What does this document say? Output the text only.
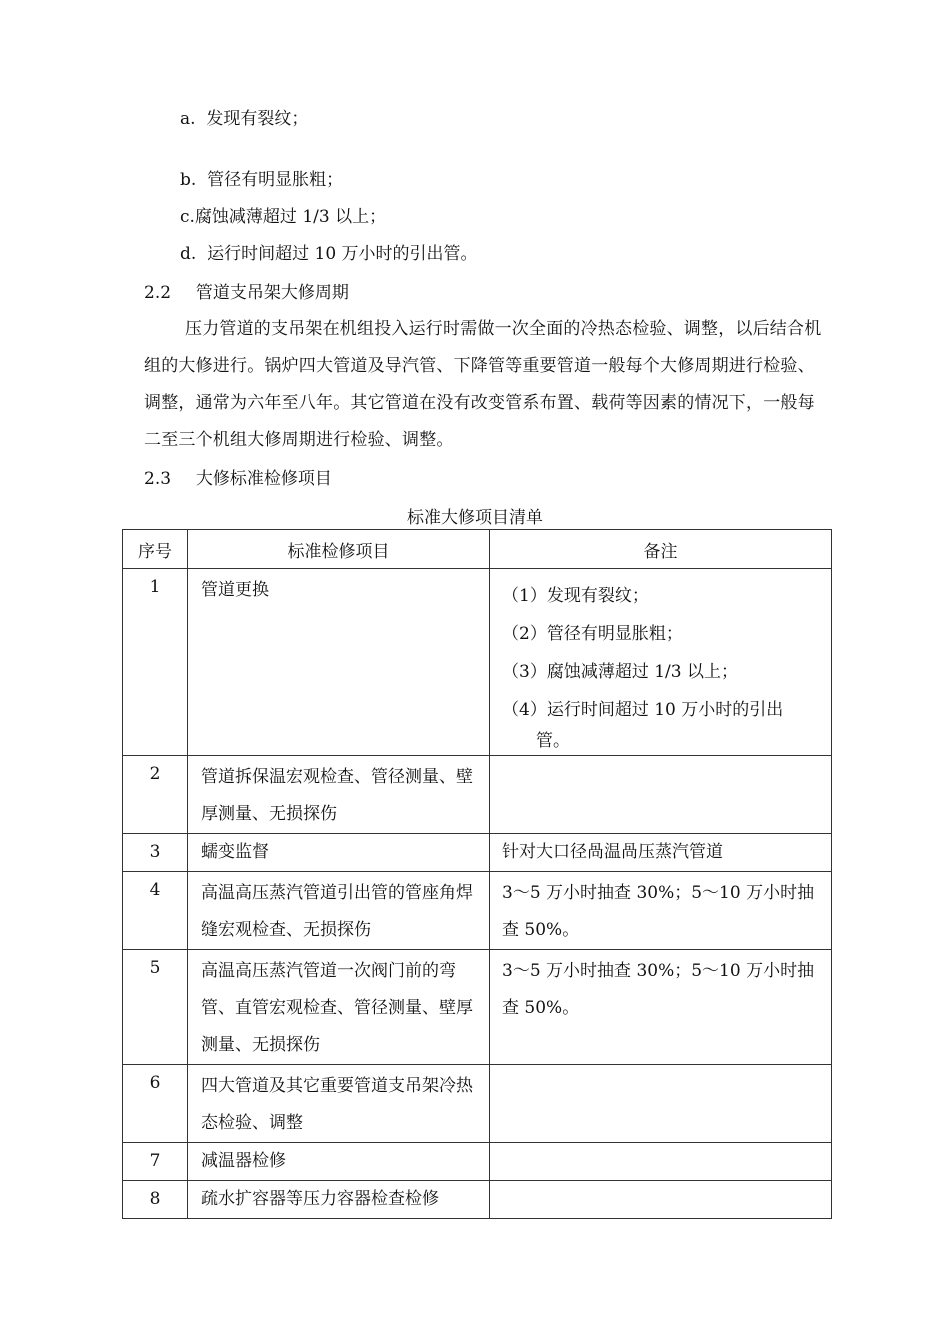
a. 发现有裂纹；
b. 管径有明显胀粗；
c.腐蚀减薄超过 1/3 以上；
d. 运行时间超过 10 万小时的引出管。
2.2 管道支吊架大修周期
压力管道的支吊架在机组投入运行时需做一次全面的冷热态检验、调整，以后结合机组的大修进行。锅炉四大管道及导汽管、下降管等重要管道一般每个大修周期进行检验、调整，通常为六年至八年。其它管道在没有改变管系布置、载荷等因素的情况下，一般每二至三个机组大修周期进行检验、调整。
2.3 大修标准检修项目
标准大修项目清单
序号	标准检修项目	备注
1	管道更换	（1）发现有裂纹；
（2）管径有明显胀粗；
（3）腐蚀减薄超过 1/3 以上；
（4）运行时间超过 10 万小时的引出
管。

2	管道拆保温宏观检查、管径测量、壁厚测量、无损探伤	
3	蠕变监督	针对大口径咼温咼压蒸汽管道
4	高温高压蒸汽管道引出管的管座角焊缝宏观检查、无损探伤	3〜5 万小时抽查 30%；5〜10 万小时抽查 50%。
5	高温高压蒸汽管道一次阀门前的弯管、直管宏观检查、管径测量、壁厚测量、无损探伤	3〜5 万小时抽查 30%；5〜10 万小时抽查 50%。
6	四大管道及其它重要管道支吊架冷热态检验、调整	
7	减温器检修	
8	疏水扩容器等压力容器检查检修	
